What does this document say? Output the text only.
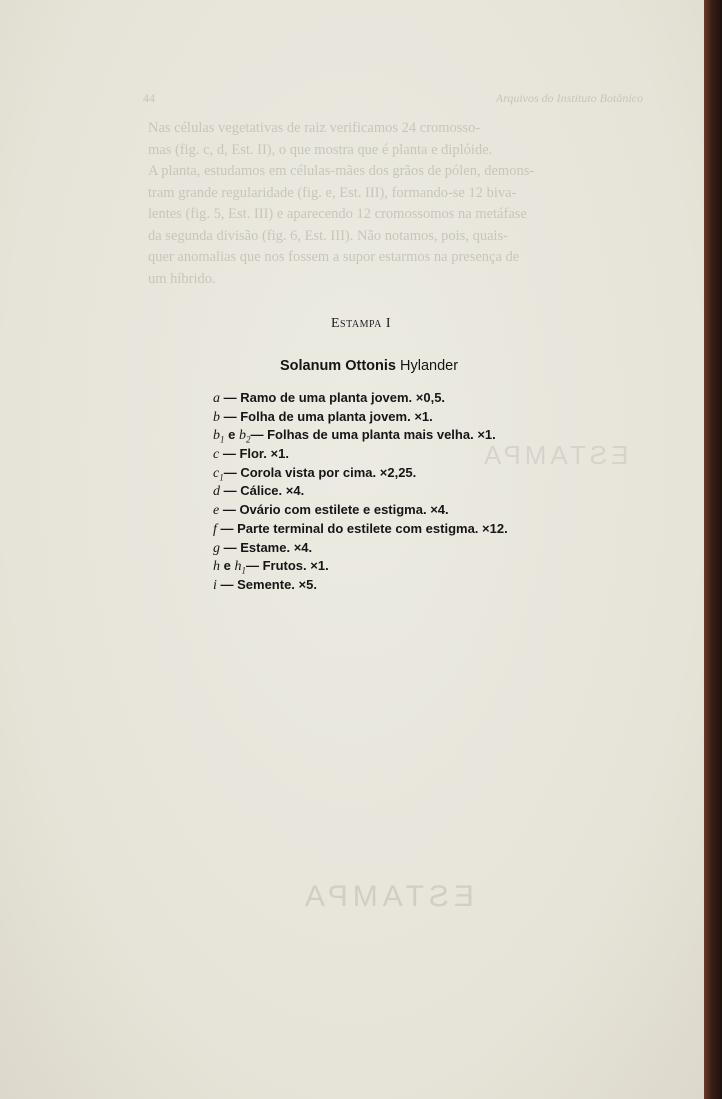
44	Arquivos do Instituto Botânico
Nas células vegetativas de raiz verificamos 24 cromosso-
mas (fig. c, d, Est. II), o que mostra que é planta e diplóide.
A planta, estudamos em células-mães dos grãos de pólen, demons-
tram grande regularidade (fig. e, Est. III), formando-se 12 biva-
lentes (fig. 5, Est. III) e aparecendo 12 cromossomos na metáfase
da segunda divisão (fig. 6, Est. III). Não notamos, pois, quais-
quer anomalias que nos fossem a supor estarmos na presença de
um híbrido.
ESTAMPA
ESTAMPA
Estampa I
Solanum Ottonis Hylander
a — Ramo de uma planta jovem. ×0,5.
b — Folha de uma planta jovem. ×1.
$b_1$ e $b_2—$ Folhas de uma planta mais velha. ×1.
c — Flor. ×1.
$c_1—$ Corola vista por cima. ×2,25.
d — Cálice. ×4.
e — Ovário com estilete e estigma. ×4.
f — Parte terminal do estilete com estigma. ×12.
g — Estame. ×4.
h e $h_1—$ Frutos. ×1.
i — Semente. ×5.
